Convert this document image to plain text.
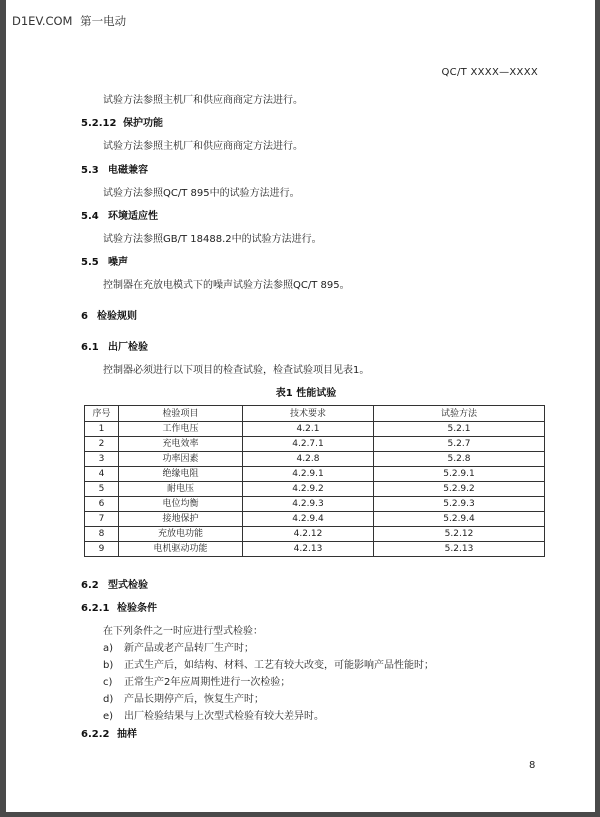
D1EV.COM 第一电动
QC/T XXXX—XXXX
试验方法参照主机厂和供应商商定方法进行。
5.2.12 保护功能
试验方法参照主机厂和供应商商定方法进行。
5.3 电磁兼容
试验方法参照QC/T 895中的试验方法进行。
5.4 环境适应性
试验方法参照GB/T 18488.2中的试验方法进行。
5.5 噪声
控制器在充放电模式下的噪声试验方法参照QC/T 895。
6 检验规则
6.1 出厂检验
控制器必须进行以下项目的检查试验，检查试验项目见表1。
表1 性能试验
序号	检验项目	技术要求	试验方法
1	工作电压	4.2.1	5.2.1
2	充电效率	4.2.7.1	5.2.7
3	功率因素	4.2.8	5.2.8
4	绝缘电阻	4.2.9.1	5.2.9.1
5	耐电压	4.2.9.2	5.2.9.2
6	电位均衡	4.2.9.3	5.2.9.3
7	接地保护	4.2.9.4	5.2.9.4
8	充放电功能	4.2.12	5.2.12
9	电机驱动功能	4.2.13	5.2.13
6.2 型式检验
6.2.1 检验条件
在下列条件之一时应进行型式检验：
a) 新产品或老产品转厂生产时；
b) 正式生产后，如结构、材料、工艺有较大改变，可能影响产品性能时；
c) 正常生产2年应周期性进行一次检验；
d) 产品长期停产后，恢复生产时；
e) 出厂检验结果与上次型式检验有较大差异时。
6.2.2 抽样
8
